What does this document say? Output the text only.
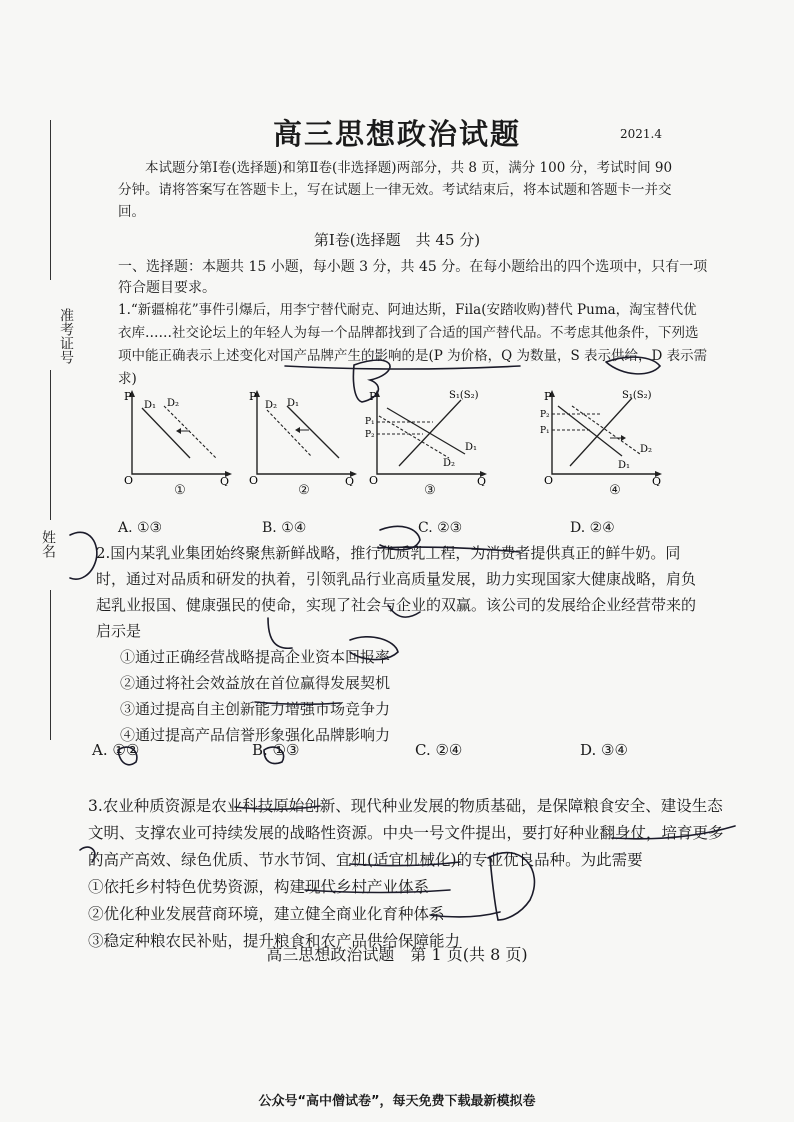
准考证号
姓名
高三思想政治试题	2021.4
本试题分第Ⅰ卷(选择题)和第Ⅱ卷(非选择题)两部分，共 8 页，满分 100 分，考试时间 90 分钟。请将答案写在答题卡上，写在试题上一律无效。考试结束后，将本试题和答题卡一并交回。
第Ⅰ卷(选择题　共 45 分)
一、选择题：本题共 15 小题，每小题 3 分，共 45 分。在每小题给出的四个选项中，只有一项符合题目要求。

1.“新疆棉花”事件引爆后，用李宁替代耐克、阿迪达斯，Fila(安踏收购)替代 Puma，淘宝替代优衣库……社交论坛上的年轻人为每一个品牌都找到了合适的国产替代品。不考虑其他条件，下列选项中能正确表示上述变化对国产品牌产生的影响的是(P 为价格，Q 为数量，S 表示供给，D 表示需求)

P
D₁ D₂
O	Q
①
P
D₂ D₁
O	Q
②
P	S₁(S₂)
P₁
P₂
D₁
D₂
O	Q
③
P	S₁(S₂)
P₂
P₁
D₂
D₁
O	Q
④
A. ①③	B. ①④	C. ②③	D. ②④

2.国内某乳业集团始终聚焦新鲜战略，推行优质乳工程，为消费者提供真正的鲜牛奶。同时，通过对品质和研发的执着，引领乳品行业高质量发展，助力实现国家大健康战略，肩负起乳业报国、健康强民的使命，实现了社会与企业的双赢。该公司的发展给企业经营带来的启示是

①通过正确经营战略提高企业资本回报率

②通过将社会效益放在首位赢得发展契机

③通过提高自主创新能力增强市场竞争力

④通过提高产品信誉形象强化品牌影响力

A. ①②	B. ①③	C. ②④	D. ③④

3.农业种质资源是农业科技原始创新、现代种业发展的物质基础，是保障粮食安全、建设生态文明、支撑农业可持续发展的战略性资源。中央一号文件提出，要打好种业翻身仗，培育更多的高产高效、绿色优质、节水节饲、宜机(适宜机械化)的专业优良品种。为此需要

①依托乡村特色优势资源，构建现代乡村产业体系

②优化种业发展营商环境，建立健全商业化育种体系

③稳定种粮农民补贴，提升粮食和农产品供给保障能力

高三思想政治试题　第 1 页(共 8 页)
公众号“高中僧试卷”，每天免费下载最新模拟卷
